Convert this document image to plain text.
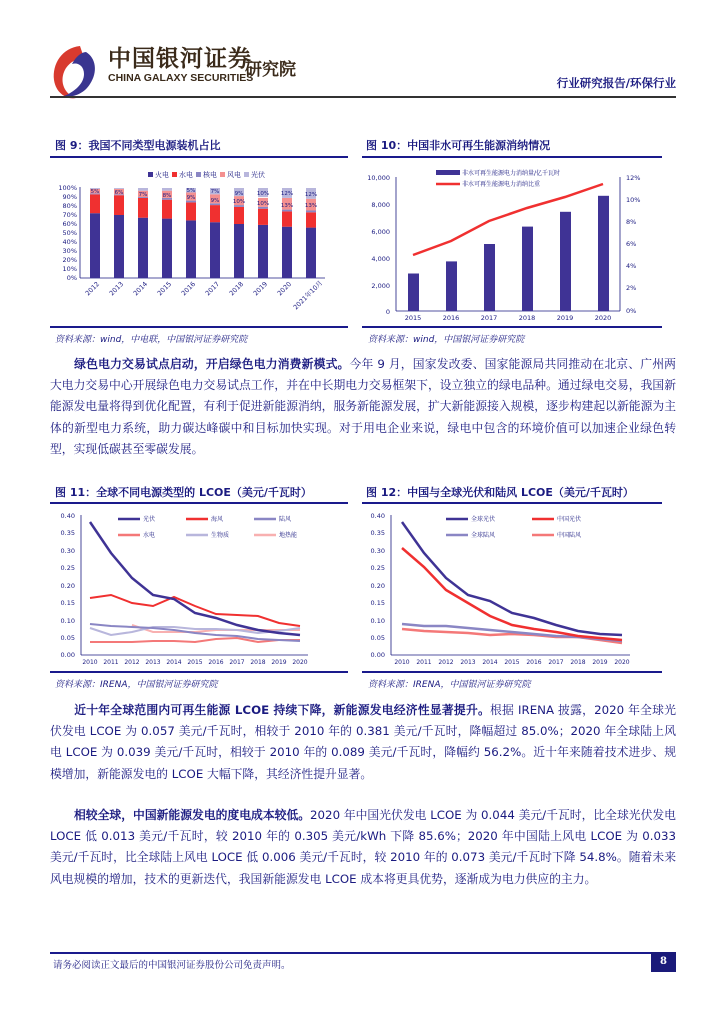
中国银河证券
CHINA GALAXY SECURITIES
研究院
行业研究报告/环保行业
图 9：我国不同类型电源装机占比
火电 水电 核电 风电 光伏
100%
90%
80%
70%
60%
50%
40%
30%
20%
10%
0%
5%	6%	7%	8%	9%	9% 10% 10% 13% 13%
9% 10% 12% 12%
7%
5%
2012 2013 2014 2015 2016 2017 2018 2019 2020
2021年10月
资料来源：wind，中电联，中国银河证券研究院
图 10：中国非水可再生能源消纳情况
非水可再生能源电力消纳量/亿千瓦时
非水可再生能源电力消纳比重
10,000
8,000
6,000
4,000
2,000
0
12%
10%
8%
6%
4%
2%
0%
2015	2016	2017	2018	2019	2020
资料来源：wind，中国银河证券研究院
绿色电力交易试点启动，开启绿色电力消费新模式。今年 9 月，国家发改委、国家能源局共同推动在北京、广州两大电力交易中心开展绿色电力交易试点工作，并在中长期电力交易框架下，设立独立的绿电品种。通过绿电交易，我国新能源发电量将得到优化配置，有利于促进新能源消纳，服务新能源发展，扩大新能源接入规模，逐步构建起以新能源为主体的新型电力系统，助力碳达峰碳中和目标加快实现。对于用电企业来说，绿电中包含的环境价值可以加速企业绿色转型，实现低碳甚至零碳发展。
图 11：全球不同电源类型的 LCOE（美元/千瓦时）
光伏	海风	陆风
水电	生物质	地热能
0.40
0.35
0.30
0.25
0.20
0.15
0.10
0.05
0.00
2010 2011 2012 2013 2014 2015 2016 2017 2018 2019 2020
资料来源：IRENA，中国银河证券研究院
图 12：中国与全球光伏和陆风 LCOE（美元/千瓦时）
全球光伏	中国光伏
全球陆风	中国陆风
0.40
0.35
0.30
0.25
0.20
0.15
0.10
0.05
0.00
2010 2011 2012 2013 2014 2015 2016 2017 2018 2019 2020
资料来源：IRENA，中国银河证券研究院
近十年全球范围内可再生能源 LCOE 持续下降，新能源发电经济性显著提升。根据 IRENA 披露，2020 年全球光伏发电 LCOE 为 0.057 美元/千瓦时，相较于 2010 年的 0.381 美元/千瓦时，降幅超过 85.0%；2020 年全球陆上风电 LCOE 为 0.039 美元/千瓦时，相较于 2010 年的 0.089 美元/千瓦时，降幅约 56.2%。近十年来随着技术进步、规模增加，新能源发电的 LCOE 大幅下降，其经济性提升显著。
相较全球，中国新能源发电的度电成本较低。2020 年中国光伏发电 LCOE 为 0.044 美元/千瓦时，比全球光伏发电 LOCE 低 0.013 美元/千瓦时，较 2010 年的 0.305 美元/kWh 下降 85.6%；2020 年中国陆上风电 LCOE 为 0.033 美元/千瓦时，比全球陆上风电 LOCE 低 0.006 美元/千瓦时，较 2010 年的 0.073 美元/千瓦时下降 54.8%。随着未来风电规模的增加，技术的更新迭代，我国新能源发电 LCOE 成本将更具优势，逐渐成为电力供应的主力。
请务必阅读正文最后的中国银河证券股份公司免责声明。	8
